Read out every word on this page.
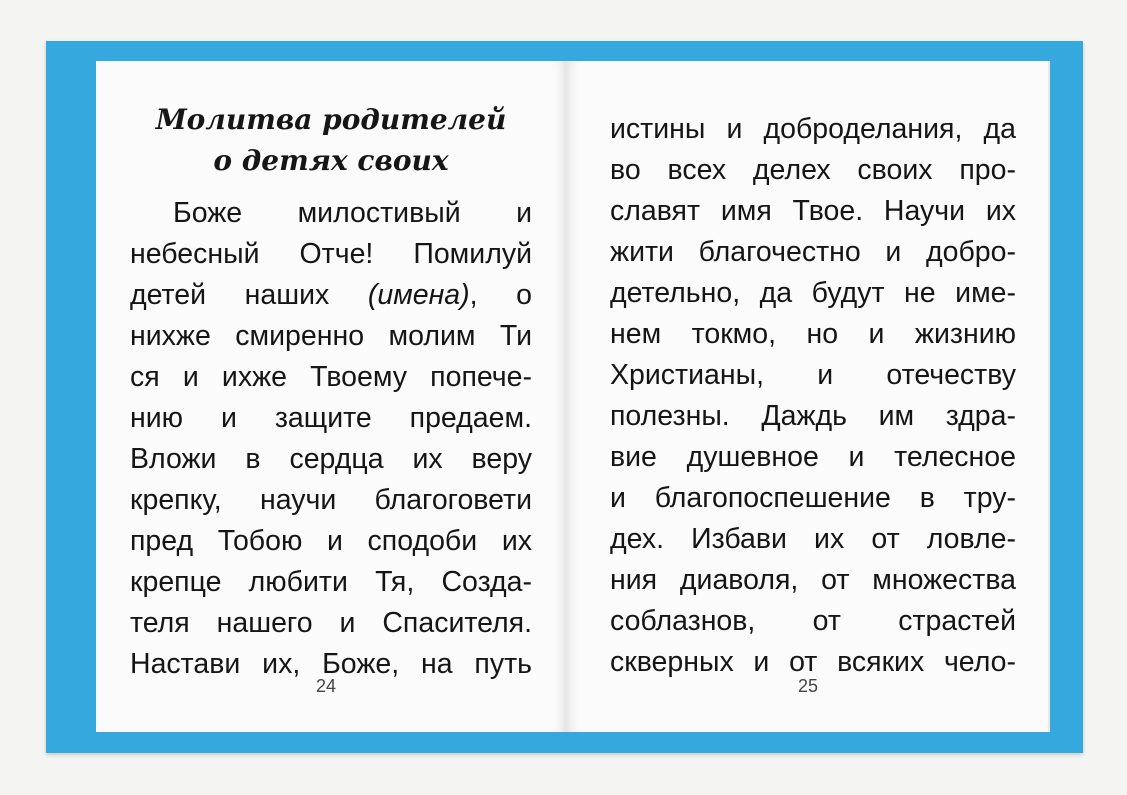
Молитва родителей
о детях своих
Боже милостивый и
небесный Отче! Помилуй
детей наших (имена), о
нихже смиренно молим Ти
ся и ихже Твоему попече-
нию и защите предаем.
Вложи в сердца их веру
крепку, научи благоговети
пред Тобою и сподоби их
крепце любити Тя, Созда-
теля нашего и Спасителя.
Настави их, Боже, на путь
24
истины и доброделания, да
во всех делех своих про-
славят имя Твое. Научи их
жити благочестно и добро-
детельно, да будут не име-
нем токмо, но и жизнию
Христианы, и отечеству
полезны. Даждь им здра-
вие душевное и телесное
и благопоспешение в тру-
дех. Избави их от ловле-
ния диаволя, от множества
соблазнов, от страстей
скверных и от всяких чело-
25
